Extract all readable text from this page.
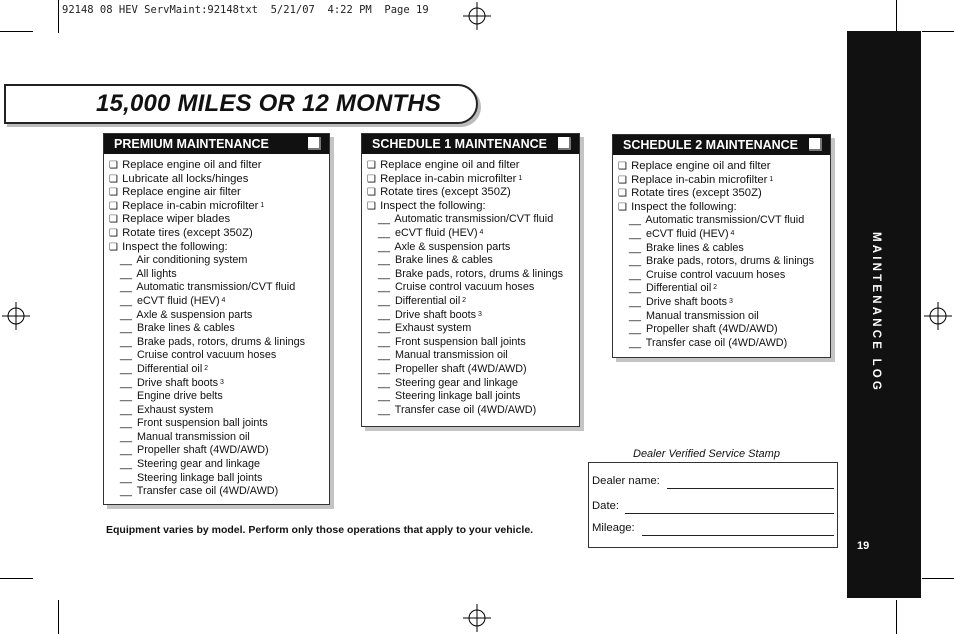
92148 08 HEV ServMaint:92148txt  5/21/07  4:22 PM  Page 19
15,000 MILES OR 12 MONTHS
PREMIUM MAINTENANCE
❑ Replace engine oil and filter
❑ Lubricate all locks/hinges
❑ Replace engine air filter
❑ Replace in-cabin microfilter $^1$
❑ Replace wiper blades
❑ Rotate tires (except 350Z)
❑ Inspect the following:
__ Air conditioning system
__ All lights
__ Automatic transmission/CVT fluid
__ eCVT fluid (HEV) $^4$
__ Axle & suspension parts
__ Brake lines & cables
__ Brake pads, rotors, drums & linings
__ Cruise control vacuum hoses
__ Differential oil $^2$
__ Drive shaft boots $^3$
__ Engine drive belts
__ Exhaust system
__ Front suspension ball joints
__ Manual transmission oil
__ Propeller shaft (4WD/AWD)
__ Steering gear and linkage
__ Steering linkage ball joints
__ Transfer case oil (4WD/AWD)
SCHEDULE 1 MAINTENANCE
❑ Replace engine oil and filter
❑ Replace in-cabin microfilter $^1$
❑ Rotate tires (except 350Z)
❑ Inspect the following:
__ Automatic transmission/CVT fluid
__ eCVT fluid (HEV) $^4$
__ Axle & suspension parts
__ Brake lines & cables
__ Brake pads, rotors, drums & linings
__ Cruise control vacuum hoses
__ Differential oil $^2$
__ Drive shaft boots $^3$
__ Exhaust system
__ Front suspension ball joints
__ Manual transmission oil
__ Propeller shaft (4WD/AWD)
__ Steering gear and linkage
__ Steering linkage ball joints
__ Transfer case oil (4WD/AWD)
SCHEDULE 2 MAINTENANCE
❑ Replace engine oil and filter
❑ Replace in-cabin microfilter $^1$
❑ Rotate tires (except 350Z)
❑ Inspect the following:
__ Automatic transmission/CVT fluid
__ eCVT fluid (HEV) $^4$
__ Brake lines & cables
__ Brake pads, rotors, drums & linings
__ Cruise control vacuum hoses
__ Differential oil $^2$
__ Drive shaft boots $^3$
__ Manual transmission oil
__ Propeller shaft (4WD/AWD)
__ Transfer case oil (4WD/AWD)
Dealer Verified Service Stamp
Dealer name:
Date:
Mileage:
Equipment varies by model. Perform only those operations that apply to your vehicle.
MAINTENANCE LOG
19
